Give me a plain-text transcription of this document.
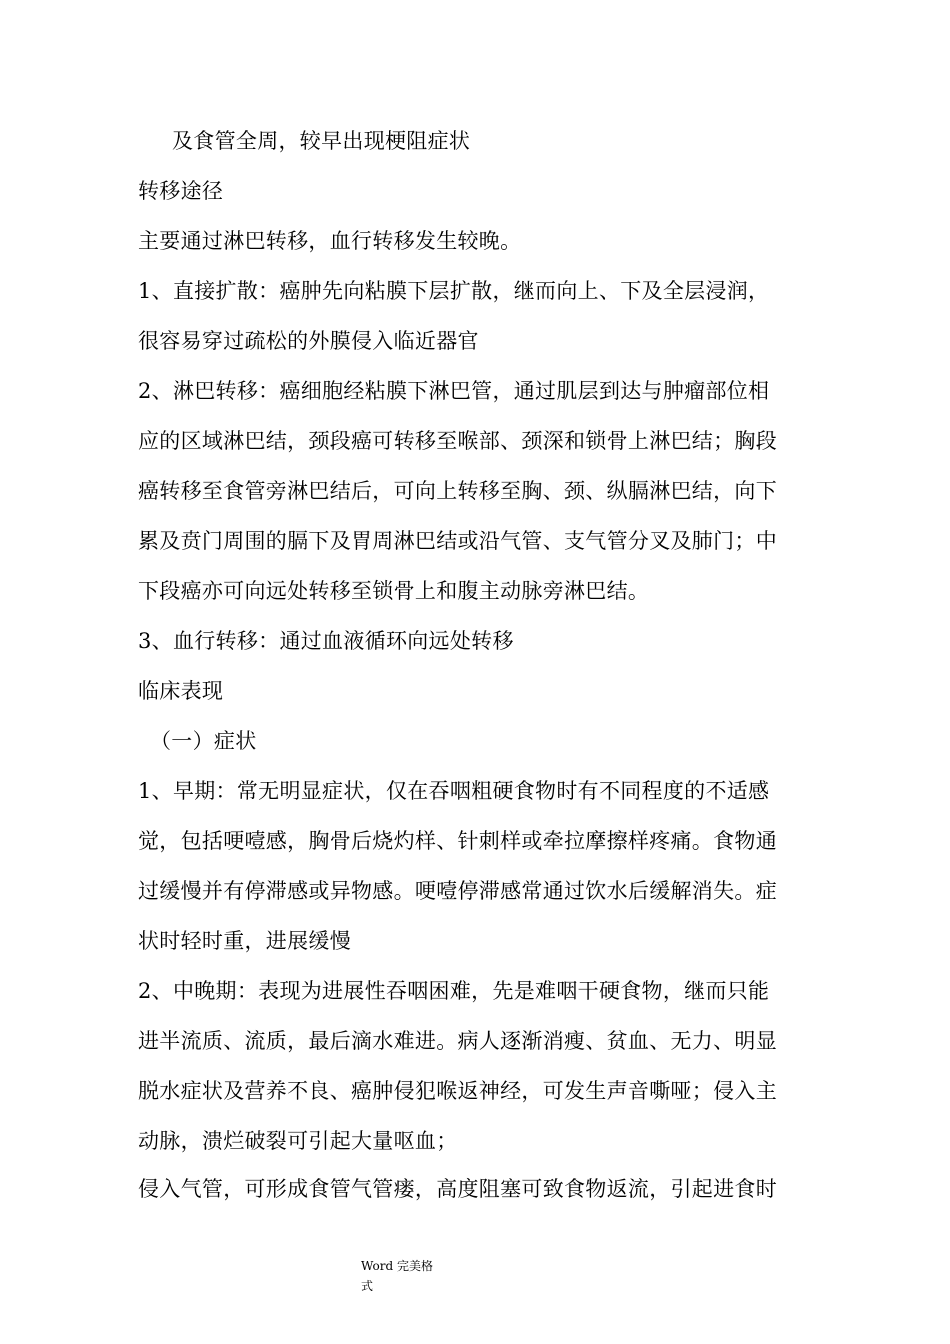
及食管全周，较早出现梗阻症状
转移途径
主要通过淋巴转移，血行转移发生较晚。
1、直接扩散：癌肿先向粘膜下层扩散，继而向上、下及全层浸润，
很容易穿过疏松的外膜侵入临近器官
2、淋巴转移：癌细胞经粘膜下淋巴管，通过肌层到达与肿瘤部位相
应的区域淋巴结，颈段癌可转移至喉部、颈深和锁骨上淋巴结；胸段
癌转移至食管旁淋巴结后，可向上转移至胸、颈、纵膈淋巴结，向下
累及贲门周围的膈下及胃周淋巴结或沿气管、支气管分叉及肺门；中
下段癌亦可向远处转移至锁骨上和腹主动脉旁淋巴结。
3、血行转移：通过血液循环向远处转移
临床表现
（一）症状
1、早期：常无明显症状，仅在吞咽粗硬食物时有不同程度的不适感
觉，包括哽噎感，胸骨后烧灼样、针刺样或牵拉摩擦样疼痛。食物通
过缓慢并有停滞感或异物感。哽噎停滞感常通过饮水后缓解消失。症
状时轻时重，进展缓慢
2、中晚期：表现为进展性吞咽困难，先是难咽干硬食物，继而只能
进半流质、流质，最后滴水难进。病人逐渐消瘦、贫血、无力、明显
脱水症状及营养不良、癌肿侵犯喉返神经，可发生声音嘶哑；侵入主
动脉，溃烂破裂可引起大量呕血；
侵入气管，可形成食管气管瘘，高度阻塞可致食物返流，引起进食时
Word 完美格
式
